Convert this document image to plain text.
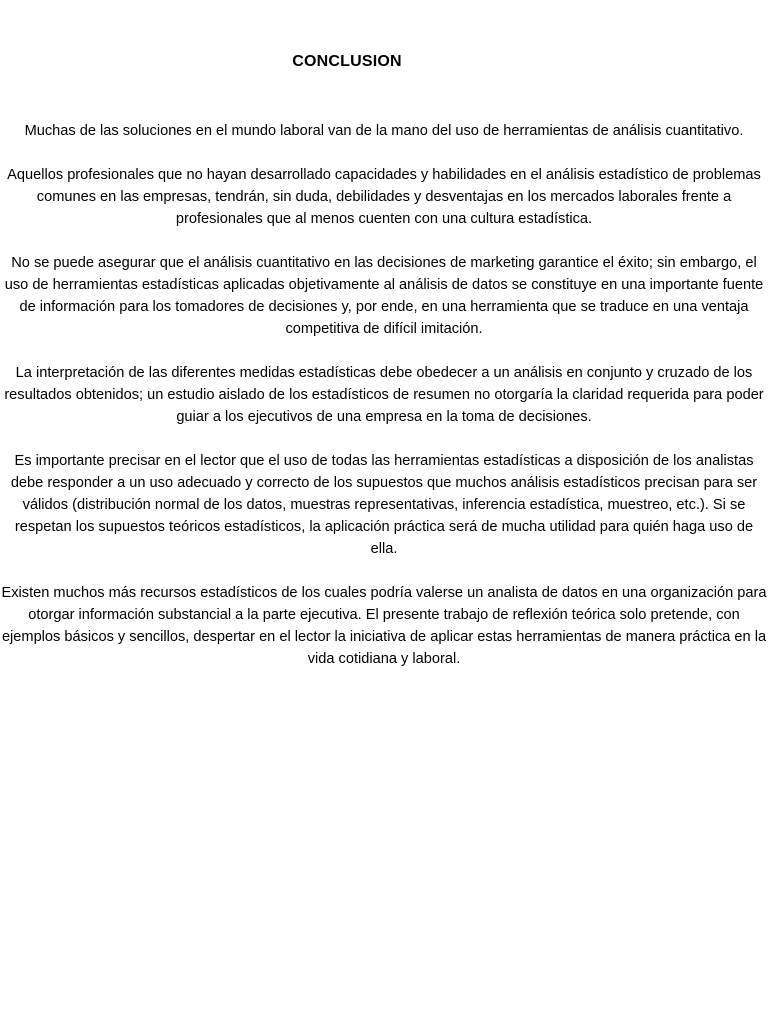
CONCLUSION

Muchas de las soluciones en el mundo laboral van de la mano del uso de herramientas de análisis cuantitativo.

Aquellos profesionales que no hayan desarrollado capacidades y habilidades en el análisis estadístico de problemas comunes en las empresas, tendrán, sin duda, debilidades y desventajas en los mercados laborales frente a profesionales que al menos cuenten con una cultura estadística.

No se puede asegurar que el análisis cuantitativo en las decisiones de marketing garantice el éxito; sin embargo, el uso de herramientas estadísticas aplicadas objetivamente al análisis de datos se constituye en una importante fuente de información para los tomadores de decisiones y, por ende, en una herramienta que se traduce en una ventaja competitiva de difícil imitación.

La interpretación de las diferentes medidas estadísticas debe obedecer a un análisis en conjunto y cruzado de los resultados obtenidos; un estudio aislado de los estadísticos de resumen no otorgaría la claridad requerida para poder guiar a los ejecutivos de una empresa en la toma de decisiones.

Es importante precisar en el lector que el uso de todas las herramientas estadísticas a disposición de los analistas debe responder a un uso adecuado y correcto de los supuestos que muchos análisis estadísticos precisan para ser válidos (distribución normal de los datos, muestras representativas, inferencia estadística, muestreo, etc.). Si se respetan los supuestos teóricos estadísticos, la aplicación práctica será de mucha utilidad para quién haga uso de ella.

Existen muchos más recursos estadísticos de los cuales podría valerse un analista de datos en una organización para otorgar información substancial a la parte ejecutiva. El presente trabajo de reflexión teórica solo pretende, con ejemplos básicos y sencillos, despertar en el lector la iniciativa de aplicar estas herramientas de manera práctica en la vida cotidiana y laboral.
